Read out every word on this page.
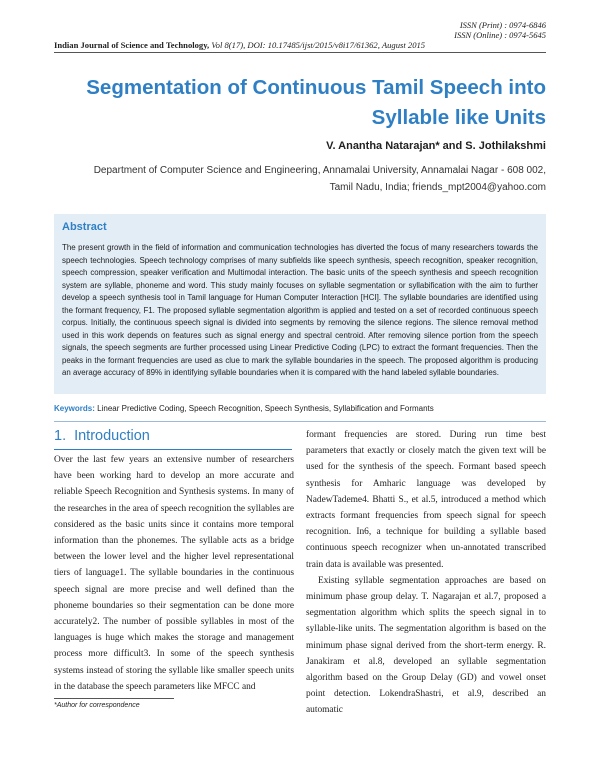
ISSN (Print) : 0974-6846
ISSN (Online) : 0974-5645
Indian Journal of Science and Technology, Vol 8(17), DOI: 10.17485/ijst/2015/v8i17/61362, August 2015
Segmentation of Continuous Tamil Speech into
Syllable like Units
V. Anantha Natarajan* and S. Jothilakshmi
Department of Computer Science and Engineering, Annamalai University, Annamalai Nagar - 608 002,
Tamil Nadu, India; friends_mpt2004@yahoo.com
Abstract

The present growth in the field of information and communication technologies has diverted the focus of many researchers towards the speech technologies. Speech technology comprises of many subfields like speech synthesis, speech recognition, speaker recognition, speech compression, speaker verification and Multimodal interaction. The basic units of the speech synthesis and speech recognition system are syllable, phoneme and word. This study mainly focuses on syllable segmentation or syllabification with the aim to further develop a speech synthesis tool in Tamil language for Human Computer Interaction [HCI]. The syllable boundaries are identified using the formant frequency, F1. The proposed syllable segmentation algorithm is applied and tested on a set of recorded continuous speech corpus. Initially, the continuous speech signal is divided into segments by removing the silence regions. The silence removal method used in this work depends on features such as signal energy and spectral centroid. After removing silence portion from the speech signals, the speech segments are further processed using Linear Predictive Coding (LPC) to extract the formant frequencies. Then the peaks in the formant frequencies are used as clue to mark the syllable boundaries in the speech. The proposed algorithm is producing an average accuracy of 89% in identifying syllable boundaries when it is compared with the hand labeled syllable boundaries.

Keywords: Linear Predictive Coding, Speech Recognition, Speech Synthesis, Syllabification and Formants
1. Introduction

Over the last few years an extensive number of researchers have been working hard to develop an more accurate and reliable Speech Recognition and Synthesis systems. In many of the researches in the area of speech recognition the syllables are considered as the basic units since it contains more temporal information than the phonemes. The syllable acts as a bridge between the lower level and the higher level representational tiers of language1. The syllable boundaries in the continuous speech signal are more precise and well defined than the phoneme boundaries so their segmentation can be done more accurately2. The number of possible syllables in most of the languages is huge which makes the storage and management process more difficult3. In some of the speech synthesis systems instead of storing the syllable like smaller speech units in the database the speech parameters like MFCC and

formant frequencies are stored. During run time best parameters that exactly or closely match the given text will be used for the synthesis of the speech. Formant based speech synthesis for Amharic language was developed by NadewTademe4. Bhatti S., et al.5, introduced a method which extracts formant frequencies from speech signal for speech recognition. In6, a technique for building a syllable based continuous speech recognizer when un-annotated transcribed train data is available was presented.

Existing syllable segmentation approaches are based on minimum phase group delay. T. Nagarajan et al.7, proposed a segmentation algorithm which splits the speech signal in to syllable-like units. The segmentation algorithm is based on the minimum phase signal derived from the short-term energy. R. Janakiram et al.8, developed an syllable segmentation algorithm based on the Group Delay (GD) and vowel onset point detection. LokendraShastri, et al.9, described an automatic

*Author for correspondence
